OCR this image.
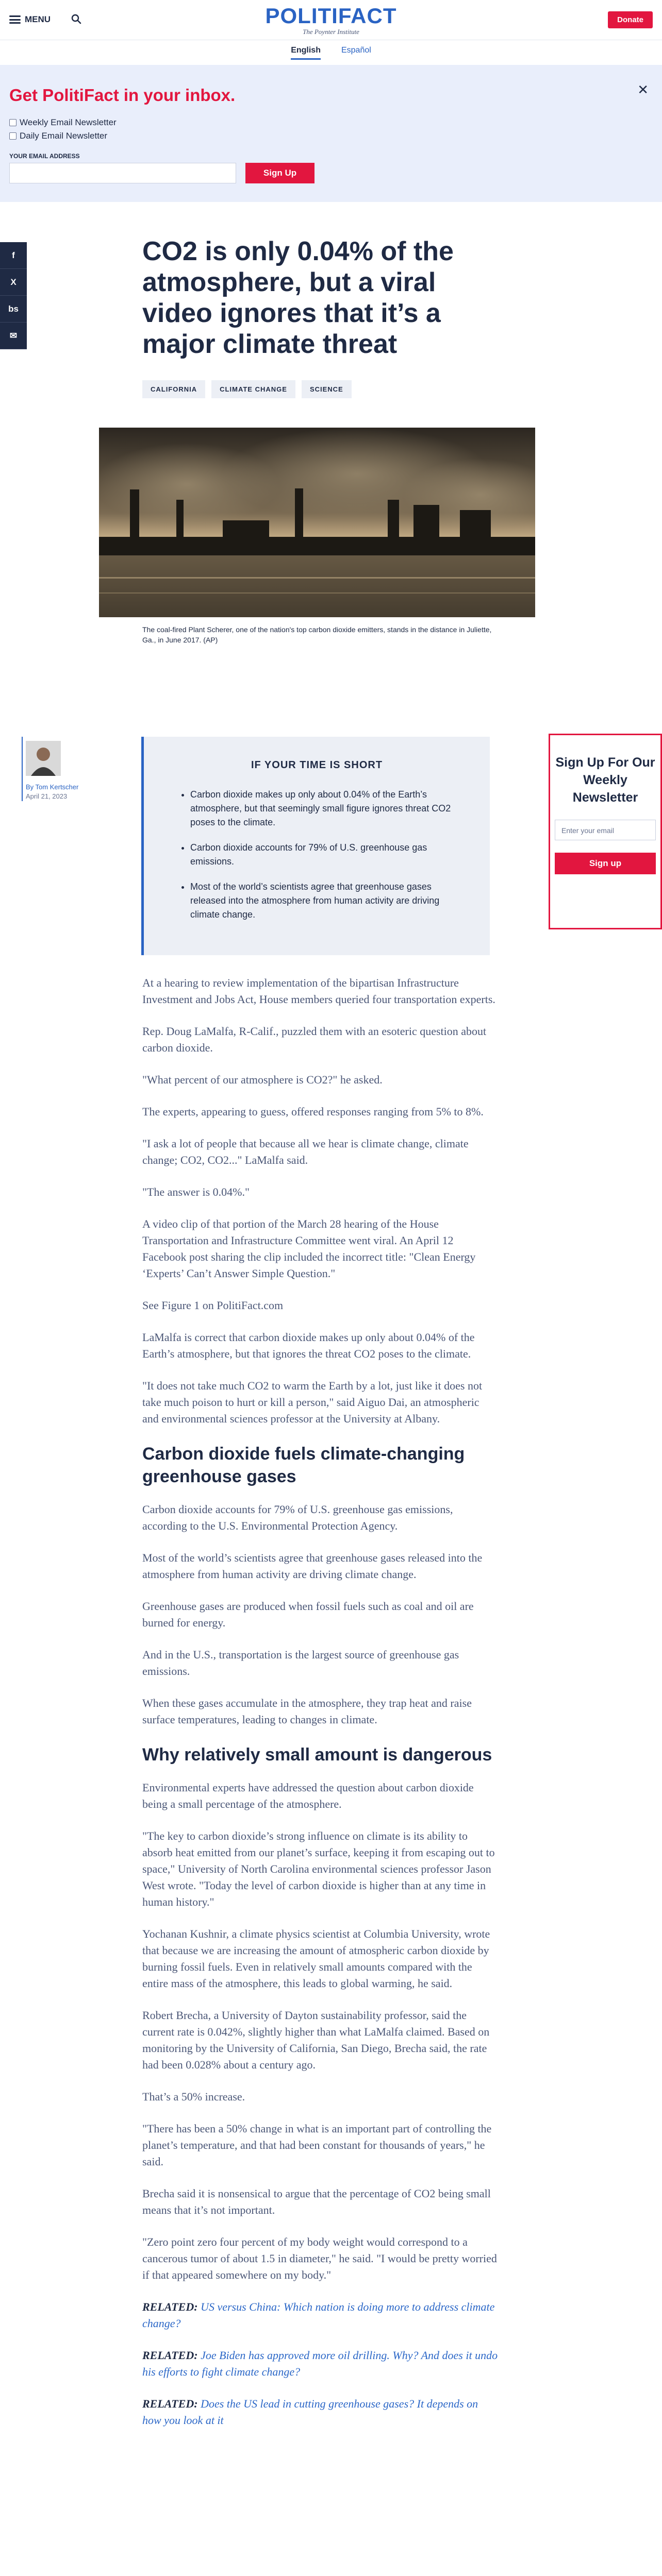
MENU	POLITIFACT
The Poynter Institute
Donate
English	Español
Get PolitiFact in your inbox.	✕
Weekly Email Newsletter
Daily Email Newsletter
YOUR EMAIL ADDRESS
Sign Up
f
X
bs
✉
CO2 is only 0.04% of the atmosphere, but a viral video ignores that it’s a major climate threat
CALIFORNIA	CLIMATE CHANGE	SCIENCE

The coal-fired Plant Scherer, one of the nation's top carbon dioxide emitters, stands in the distance in Juliette, Ga., in June 2017. (AP)

By Tom Kertscher
April 21, 2023
IF YOUR TIME IS SHORT
• Carbon dioxide makes up only about 0.04% of the Earth’s atmosphere, but that seemingly small figure ignores threat CO2 poses to the climate.
• Carbon dioxide accounts for 79% of U.S. greenhouse gas emissions.
• Most of the world’s scientists agree that greenhouse gases released into the atmosphere from human activity are driving climate change.
Sign Up For Our Weekly Newsletter
Enter your email
Sign up

At a hearing to review implementation of the bipartisan Infrastructure Investment and Jobs Act, House members queried four transportation experts.

Rep. Doug LaMalfa, R-Calif., puzzled them with an esoteric question about carbon dioxide.

"What percent of our atmosphere is CO2?" he asked.

The experts, appearing to guess, offered responses ranging from 5% to 8%.

"I ask a lot of people that because all we hear is climate change, climate change; CO2, CO2..." LaMalfa said.

"The answer is 0.04%."

A video clip of that portion of the March 28 hearing of the House Transportation and Infrastructure Committee went viral. An April 12 Facebook post sharing the clip included the incorrect title: "Clean Energy ‘Experts’ Can’t Answer Simple Question."

See Figure 1 on PolitiFact.com

LaMalfa is correct that carbon dioxide makes up only about 0.04% of the Earth’s atmosphere, but that ignores the threat CO2 poses to the climate.

"It does not take much CO2 to warm the Earth by a lot, just like it does not take much poison to hurt or kill a person," said Aiguo Dai, an atmospheric and environmental sciences professor at the University at Albany.

Carbon dioxide fuels climate-changing greenhouse gases

Carbon dioxide accounts for 79% of U.S. greenhouse gas emissions, according to the U.S. Environmental Protection Agency.

Most of the world’s scientists agree that greenhouse gases released into the atmosphere from human activity are driving climate change.

Greenhouse gases are produced when fossil fuels such as coal and oil are burned for energy.

And in the U.S., transportation is the largest source of greenhouse gas emissions.

When these gases accumulate in the atmosphere, they trap heat and raise surface temperatures, leading to changes in climate.

Why relatively small amount is dangerous

Environmental experts have addressed the question about carbon dioxide being a small percentage of the atmosphere.

"The key to carbon dioxide’s strong influence on climate is its ability to absorb heat emitted from our planet’s surface, keeping it from escaping out to space," University of North Carolina environmental sciences professor Jason West wrote. "Today the level of carbon dioxide is higher than at any time in human history."

Yochanan Kushnir, a climate physics scientist at Columbia University, wrote that because we are increasing the amount of atmospheric carbon dioxide by burning fossil fuels. Even in relatively small amounts compared with the entire mass of the atmosphere, this leads to global warming, he said.

Robert Brecha, a University of Dayton sustainability professor, said the current rate is 0.042%, slightly higher than what LaMalfa claimed. Based on monitoring by the University of California, San Diego, Brecha said, the rate had been 0.028% about a century ago.

That’s a 50% increase.

"There has been a 50% change in what is an important part of controlling the planet’s temperature, and that had been constant for thousands of years," he said.

Brecha said it is nonsensical to argue that the percentage of CO2 being small means that it’s not important.

"Zero point zero four percent of my body weight would correspond to a cancerous tumor of about 1.5 in diameter," he said. "I would be pretty worried if that appeared somewhere on my body."

RELATED: US versus China: Which nation is doing more to address climate change?

RELATED: Joe Biden has approved more oil drilling. Why? And does it undo his efforts to fight climate change?

RELATED: Does the US lead in cutting greenhouse gases? It depends on how you look at it
